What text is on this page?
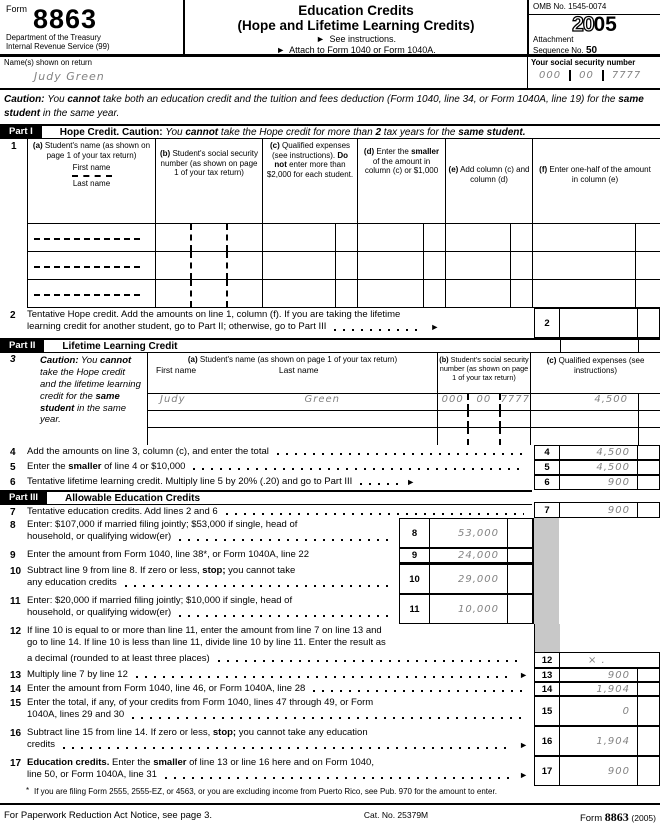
Form 8863
Department of the Treasury
Internal Revenue Service (99)
Education Credits
(Hope and Lifetime Learning Credits)
► See instructions.
► Attach to Form 1040 or Form 1040A.
OMB No. 1545-0074
2005
Attachment
Sequence No. 50
Name(s) shown on return
Judy Green
Your social security number
000	00	7777
Caution: You cannot take both an education credit and the tuition and fees deduction (Form 1040, line 34, or Form 1040A, line 19) for the same student in the same year.
Part I	Hope Credit. Caution: You cannot take the Hope credit for more than 2 tax years for the same student.
1	(a) Student's name (as shown on page 1 of your tax return)
First name
Last name
(b) Student's social security number (as shown on page 1 of your tax return)
(c) Qualified expenses (see instructions). Do not enter more than $2,000 for each student.
(d) Enter the smaller of the amount in column (c) or $1,000	(e) Add column (c) and column (d)
(f) Enter one-half of the amount in column (e)
2 Tentative Hope credit. Add the amounts on line 1, column (f). If you are taking the lifetime
learning credit for another student, go to Part II; otherwise, go to Part III	►	2
Part II	Lifetime Learning Credit
3	Caution: You cannot take the Hope credit and the lifetime learning credit for the same student in the same year.
(a) Student's name (as shown on page 1 of your tax return)
First name	Last name
(b) Student's social security number (as shown on page 1 of your tax return)
(c) Qualified expenses (see instructions)
Judy	Green	000	00 7777	4,500
4 Add the amounts on line 3, column (c), and enter the total	4	4,500
5 Enter the smaller of line 4 or $10,000	5	4,500
6 Tentative lifetime learning credit. Multiply line 5 by 20% (.20) and go to Part III	►	6	900
Part III	Allowable Education Credits
7 Tentative education credits. Add lines 2 and 6	7	900
8 Enter: $107,000 if married filing jointly; $53,000 if single, head of
household, or qualifying widow(er)	8	53,000
9 Enter the amount from Form 1040, line 38*, or Form 1040A, line 22	9	24,000
10 Subtract line 9 from line 8. If zero or less, stop; you cannot take
any education credits	10	29,000
11 Enter: $20,000 if married filing jointly; $10,000 if single, head of
household, or qualifying widow(er)	11	10,000
12 If line 10 is equal to or more than line 11, enter the amount from line 7 on line 13 and
go to line 14. If line 10 is less than line 11, divide line 10 by line 11. Enter the result as
a decimal (rounded to at least three places)	12	× .
13 Multiply line 7 by line 12	►	13	900
14 Enter the amount from Form 1040, line 46, or Form 1040A, line 28	14	1,904
15 Enter the total, if any, of your credits from Form 1040, lines 47 through 49, or Form
1040A, lines 29 and 30	15	0
16 Subtract line 15 from line 14. If zero or less, stop; you cannot take any education
credits	►	16	1,904
17 Education credits. Enter the smaller of line 13 or line 16 here and on Form 1040,
line 50, or Form 1040A, line 31	►	17	900
* If you are filing Form 2555, 2555-EZ, or 4563, or you are excluding income from Puerto Rico, see Pub. 970 for the amount to enter.
For Paperwork Reduction Act Notice, see page 3.	Cat. No. 25379M	Form 8863 (2005)
